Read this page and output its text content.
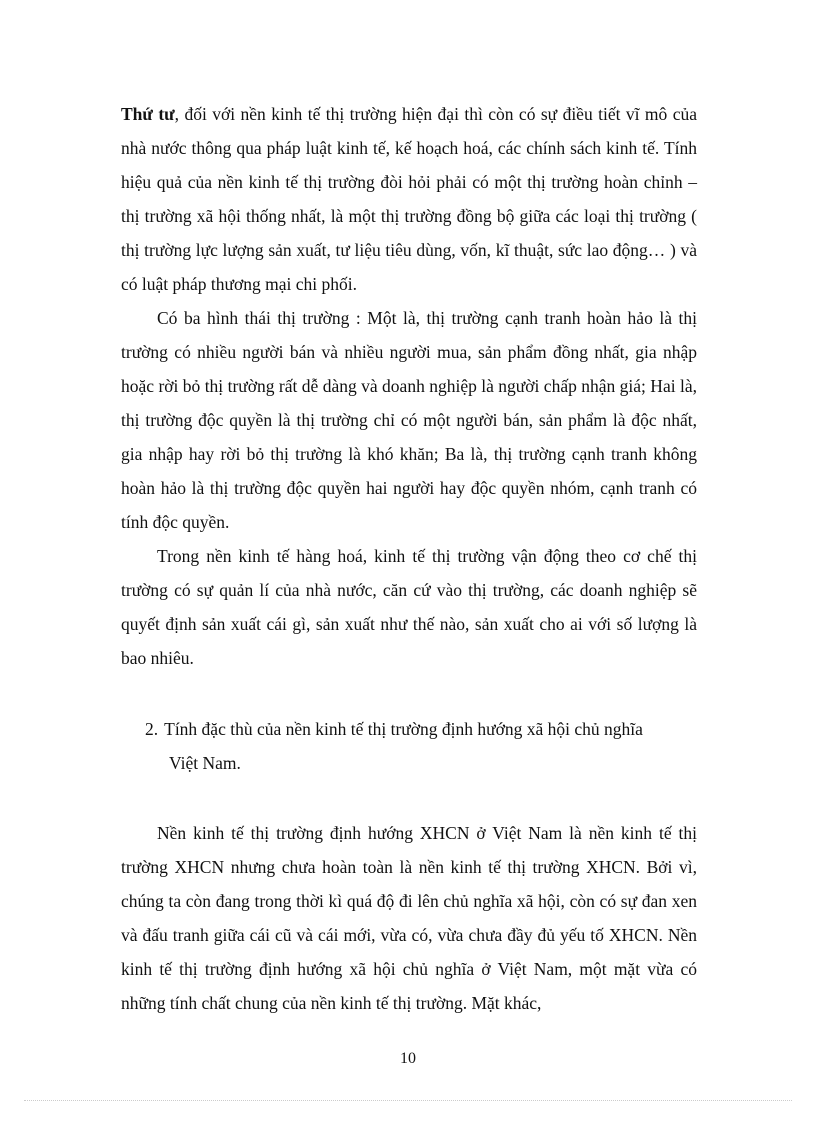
Thứ tư, đối với nền kinh tế thị trường hiện đại thì còn có sự điều tiết vĩ mô của nhà nước thông qua pháp luật kinh tế, kế hoạch hoá, các chính sách kinh tế. Tính hiệu quả của nền kinh tế thị trường đòi hỏi phải có một thị trường hoàn chỉnh – thị trường xã hội thống nhất, là một thị trường đồng bộ giữa các loại thị trường ( thị trường lực lượng sản xuất, tư liệu tiêu dùng, vốn, kĩ thuật, sức lao động… ) và có luật pháp thương mại chi phối.

Có ba hình thái thị trường : Một là, thị trường cạnh tranh hoàn hảo là thị trường có nhiều người bán và nhiều người mua, sản phẩm đồng nhất, gia nhập hoặc rời bỏ thị trường rất dễ dàng và doanh nghiệp là người chấp nhận giá; Hai là, thị trường độc quyền là thị trường chỉ có một người bán, sản phẩm là độc nhất, gia nhập hay rời bỏ thị trường là khó khăn; Ba là, thị trường cạnh tranh không hoàn hảo là thị trường độc quyền hai người hay độc quyền nhóm, cạnh tranh có tính độc quyền.

Trong nền kinh tế hàng hoá, kinh tế thị trường vận động theo cơ chế thị trường có sự quản lí của nhà nước, căn cứ vào thị trường, các doanh nghiệp sẽ quyết định sản xuất cái gì, sản xuất như thế nào, sản xuất cho ai với số lượng là bao nhiêu.

2. Tính đặc thù của nền kinh tế thị trường định hướng xã hội chủ nghĩa
Việt Nam.

Nền kinh tế thị trường định hướng XHCN ở Việt Nam là nền kinh tế thị trường XHCN nhưng chưa hoàn toàn là nền kinh tế thị trường XHCN. Bởi vì, chúng ta còn đang trong thời kì quá độ đi lên chủ nghĩa xã hội, còn có sự đan xen và đấu tranh giữa cái cũ và cái mới, vừa có, vừa chưa đầy đủ yếu tố XHCN. Nền kinh tế thị trường định hướng xã hội chủ nghĩa ở Việt Nam, một mặt vừa có những tính chất chung của nền kinh tế thị trường. Mặt khác,

10
